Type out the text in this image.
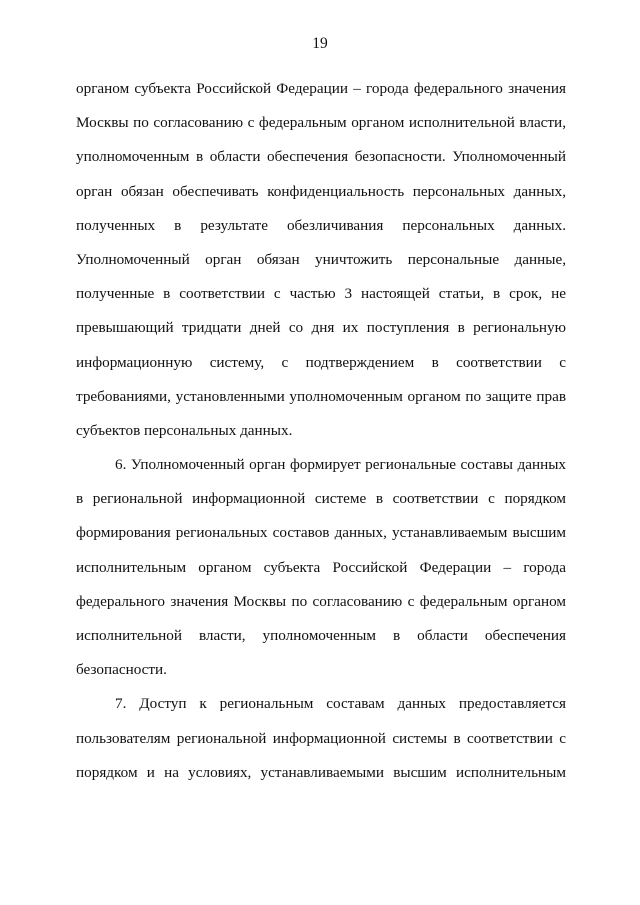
19
органом субъекта Российской Федерации – города федерального значения
Москвы по согласованию с федеральным органом исполнительной власти,
уполномоченным в области обеспечения безопасности. Уполномоченный
орган обязан обеспечивать конфиденциальность персональных данных,
полученных в результате обезличивания персональных данных.
Уполномоченный орган обязан уничтожить персональные данные,
полученные в соответствии с частью 3 настоящей статьи, в срок, не
превышающий тридцати дней со дня их поступления в региональную
информационную систему, с подтверждением в соответствии с
требованиями, установленными уполномоченным органом по защите прав
субъектов персональных данных.
6. Уполномоченный орган формирует региональные составы данных
в региональной информационной системе в соответствии с порядком
формирования региональных составов данных, устанавливаемым высшим
исполнительным органом субъекта Российской Федерации – города
федерального значения Москвы по согласованию с федеральным органом
исполнительной власти, уполномоченным в области обеспечения
безопасности.
7. Доступ к региональным составам данных предоставляется
пользователям региональной информационной системы в соответствии с
порядком и на условиях, устанавливаемыми высшим исполнительным
